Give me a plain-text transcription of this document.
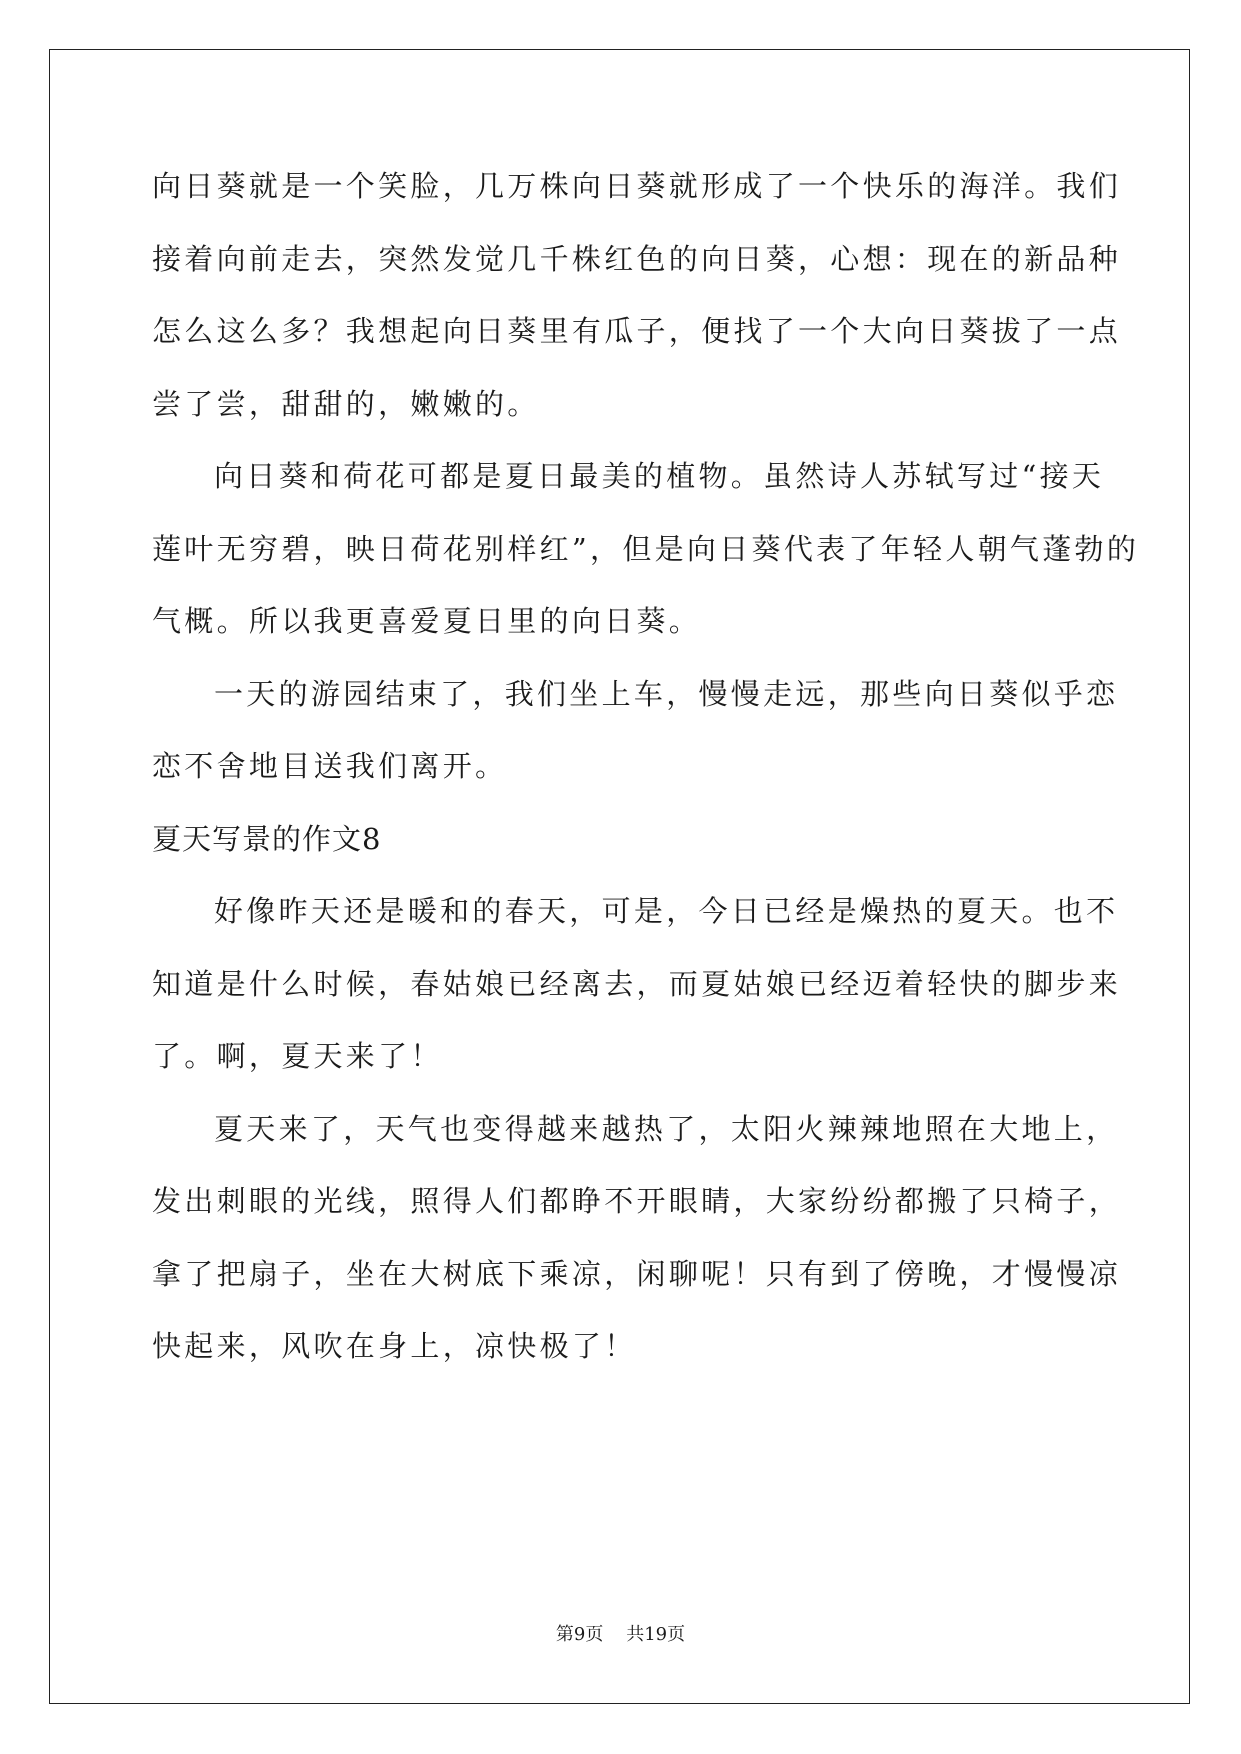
向日葵就是一个笑脸，几万株向日葵就形成了一个快乐的海洋。我们
接着向前走去，突然发觉几千株红色的向日葵，心想：现在的新品种
怎么这么多？我想起向日葵里有瓜子，便找了一个大向日葵拔了一点
尝了尝，甜甜的，嫩嫩的。
向日葵和荷花可都是夏日最美的植物。虽然诗人苏轼写过“接天
莲叶无穷碧，映日荷花别样红”，但是向日葵代表了年轻人朝气蓬勃的
气概。所以我更喜爱夏日里的向日葵。
一天的游园结束了，我们坐上车，慢慢走远，那些向日葵似乎恋
恋不舍地目送我们离开。
夏天写景的作文8
好像昨天还是暖和的春天，可是，今日已经是燥热的夏天。也不
知道是什么时候，春姑娘已经离去，而夏姑娘已经迈着轻快的脚步来
了。啊，夏天来了！
夏天来了，天气也变得越来越热了，太阳火辣辣地照在大地上，
发出刺眼的光线，照得人们都睁不开眼睛，大家纷纷都搬了只椅子，
拿了把扇子，坐在大树底下乘凉，闲聊呢！只有到了傍晚，才慢慢凉
快起来，风吹在身上，凉快极了！
第9页 共19页
